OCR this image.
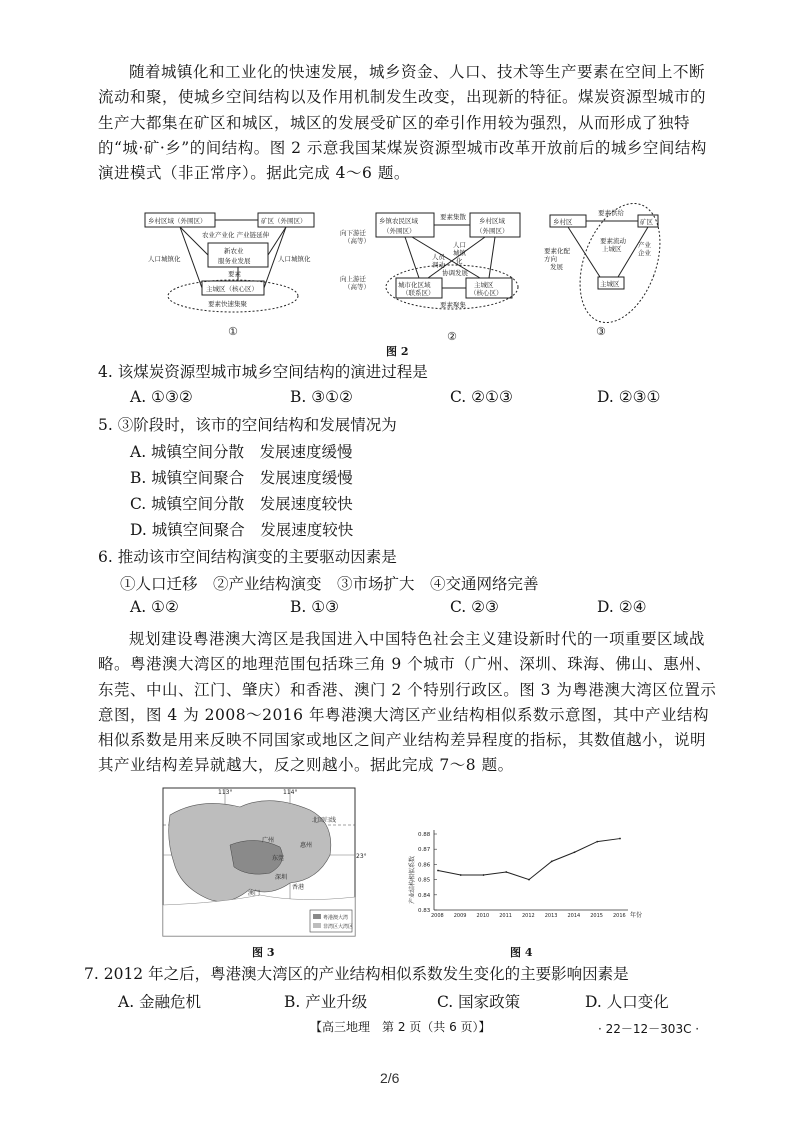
随着城镇化和工业化的快速发展，城乡资金、人口、技术等生产要素在空间上不断流动和聚，使城乡空间结构以及作用机制发生改变，出现新的特征。煤炭资源型城市的生产大都集在矿区和城区，城区的发展受矿区的牵引作用较为强烈，从而形成了独特的“城·矿·乡”的间结构。图 2 示意我国某煤炭资源型城市改革开放前后的城乡空间结构演进模式（非正常序）。据此完成 4～6 题。
乡村区域（外围区）	矿区（外围区）
农业产业化 产业链延伸
新农业
服务业发展
要素
人口城镇化	人口城镇化
主城区（核心区）
要素快速集聚
乡镇农民区域
（外围区）
乡村区域
（外围区）
向下游迁
（高等）
向上游迁
（高等）
要素集散
人口
城镇
化
人员
调动
协调发展
城市化区域
（联系区）
主城区
（核心区）
要素聚集
乡村区	矿区
要素供给
要素化配
方向
发展
要素流动
上城区	产业
企业
主城区
①	②	③
图 2
4. 该煤炭资源型城市城乡空间结构的演进过程是
A. ①③②	B. ③①②	C. ②①③	D. ②③①
5. ③阶段时，该市的空间结构和发展情况为
A. 城镇空间分散　发展速度缓慢
B. 城镇空间聚合　发展速度缓慢
C. 城镇空间分散　发展速度较快
D. 城镇空间聚合　发展速度较快
6. 推动该市空间结构演变的主要驱动因素是
①人口迁移　②产业结构演变　③市场扩大　④交通网络完善
A. ①②	B. ①③	C. ②③	D. ②④
规划建设粤港澳大湾区是我国进入中国特色社会主义建设新时代的一项重要区域战略。粤港澳大湾区的地理范围包括珠三角 9 个城市（广州、深圳、珠海、佛山、惠州、东莞、中山、江门、肇庆）和香港、澳门 2 个特别行政区。图 3 为粤港澳大湾区位置示意图，图 4 为 2008～2016 年粤港澳大湾区产业结构相似系数示意图，其中产业结构相似系数是用来反映不同国家或地区之间产业结构差异程度的指标，其数值越小，说明其产业结构差异就越大，反之则越小。据此完成 7～8 题。
113°	114°
23°
北回归线
广州
惠州
东莞
深圳
香港
澳门
粤港澳大湾
非湾区大湾区
图 3
产业结构相似系数
年份
0.88
0.87
0.86
0.85
0.84
0.83
2008 2009 2010 2011 2012 2013 2014 2015 2016
图 4
7. 2012 年之后，粤港澳大湾区的产业结构相似系数发生变化的主要影响因素是
A. 金融危机	B. 产业升级	C. 国家政策	D. 人口变化
【高三地理　第 2 页（共 6 页）】	· 22－12－303C ·
2/6
